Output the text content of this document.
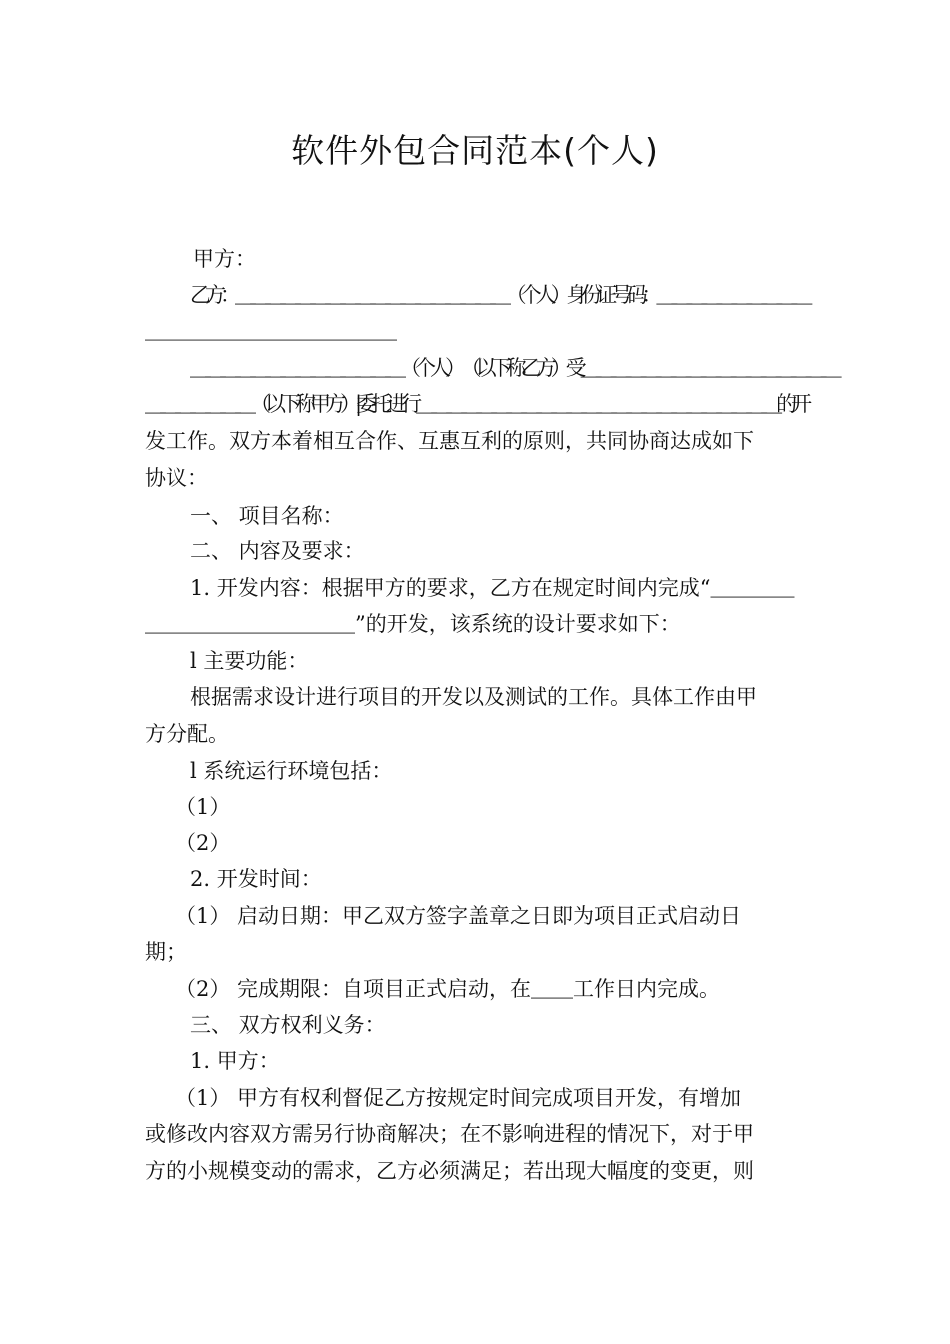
软件外包合同范本(个人)
甲方：
乙方：＿＿＿＿＿＿＿＿＿＿＿＿＿＿＿＿＿＿ （个人） 身份证号码：＿＿＿＿＿＿＿＿＿＿
＿＿＿＿＿＿＿＿＿＿＿＿
＿＿＿＿＿＿＿＿＿＿＿＿＿＿（个人） （以下称乙方）受＿＿＿＿＿＿＿＿＿＿＿＿＿＿＿＿＿
＿＿＿＿＿＿＿（以下称甲方）|委托进行＿＿＿＿＿＿＿＿＿＿＿＿＿＿＿＿＿＿＿＿＿＿＿＿的开
发工作。双方本着相互合作、互惠互利的原则，共同协商达成如下
协议：
一、 项目名称：
二、 内容及要求：
1. 开发内容：根据甲方的要求，乙方在规定时间内完成“＿＿＿＿
＿＿＿＿＿＿＿＿＿＿”的开发，该系统的设计要求如下：
l 主要功能：
根据需求设计进行项目的开发以及测试的工作。具体工作由甲
方分配。
l 系统运行环境包括：
（1）
（2）
2. 开发时间：
（1） 启动日期：甲乙双方签字盖章之日即为项目正式启动日
期；
（2） 完成期限：自项目正式启动，在＿＿工作日内完成。
三、 双方权利义务：
1. 甲方：
（1） 甲方有权利督促乙方按规定时间完成项目开发，有增加
或修改内容双方需另行协商解决；在不影响进程的情况下，对于甲
方的小规模变动的需求，乙方必须满足；若出现大幅度的变更，则
